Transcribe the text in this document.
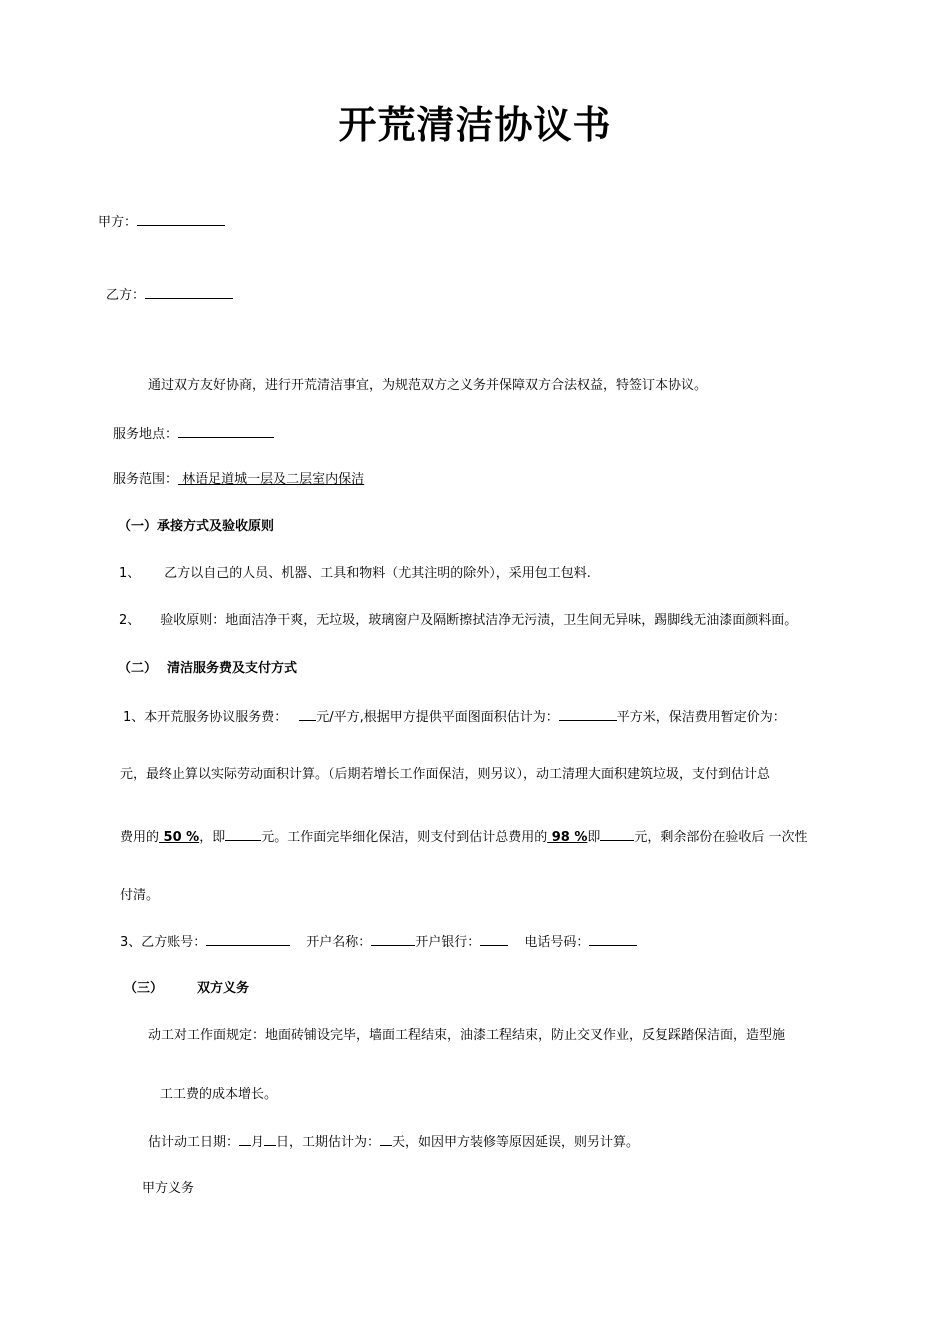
开荒清洁协议书
甲方：
乙方：
通过双方友好协商，进行开荒清洁事宜，为规范双方之义务并保障双方合法权益，特签订本协议。
服务地点：
服务范围： 林语足道城一层及二层室内保洁
（一）承接方式及验收原则
1、 乙方以自己的人员、机器、工具和物料（尤其注明的除外），采用包工包料.
2、 验收原则：地面洁净干爽，无垃圾，玻璃窗户及隔断擦拭洁净无污渍，卫生间无异味，踢脚线无油漆面颜料面。
（二） 清洁服务费及支付方式
1、本开荒服务协议服务费： 元/平方,根据甲方提供平面图面积估计为：	平方米，保洁费用暂定价为：
元，最终止算以实际劳动面积计算。（后期若增长工作面保洁，则另议），动工清理大面积建筑垃圾，支付到估计总
费用的 50 %，即	元。工作面完毕细化保洁，则支付到估计总费用的 98 %即	元，剩余部份在验收后 一次性
付清。
3、乙方账号：	开户名称：	开户银行：	电话号码：
（三）	双方义务
动工对工作面规定：地面砖铺设完毕，墙面工程结束，油漆工程结束，防止交叉作业，反复踩踏保洁面，造型施
工工费的成本增长。
估计动工日期： 月 日，工期估计为： 天，如因甲方装修等原因延误，则另计算。
甲方义务
